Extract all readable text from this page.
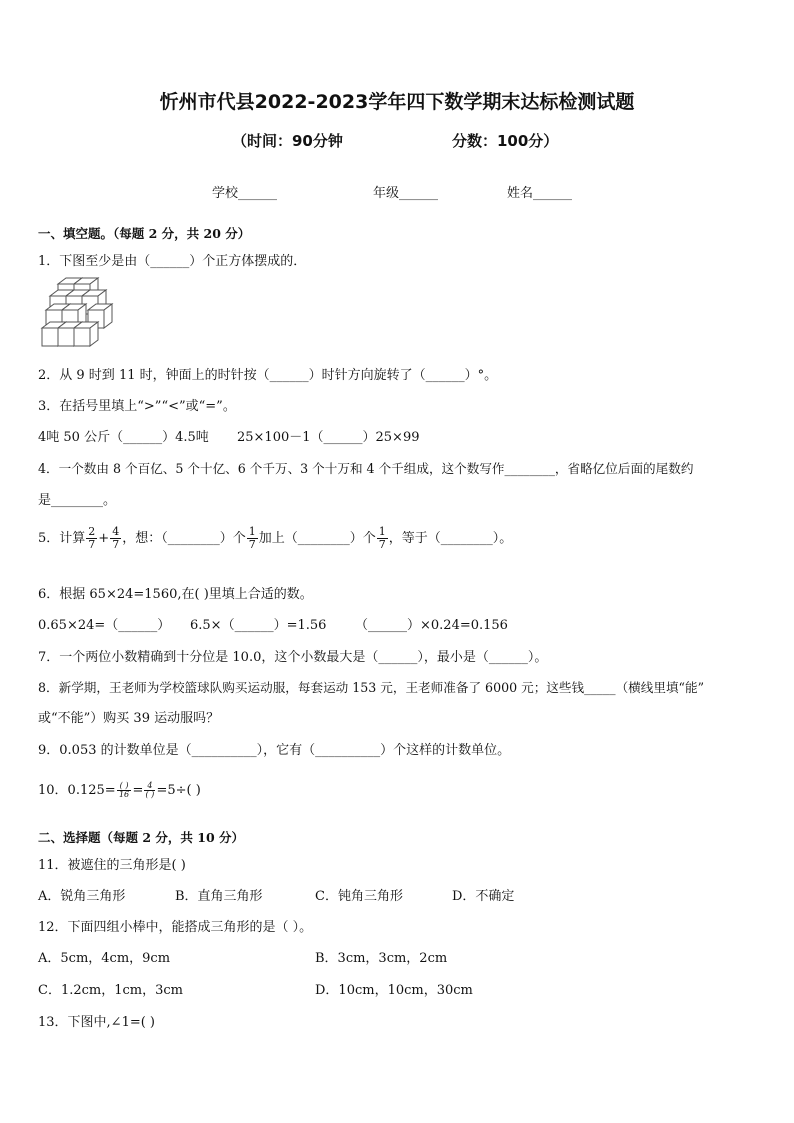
忻州市代县2022-2023学年四下数学期末达标检测试题
（时间：90分钟	分数：100分）
学校______	年级______	姓名______
一、填空题。（每题 2 分，共 20 分）
1．下图至少是由（______）个正方体摆成的．
2．从 9 时到 11 时，钟面上的时针按（______）时针方向旋转了（______）°。
3．在括号里填上“>”“<”或“=”。
4吨 50 公斤（______）4.5吨 25×100－1（______）25×99
4．一个数由 8 个百亿、5 个十亿、6 个千万、3 个十万和 4 个千组成，这个数写作________，省略亿位后面的尾数约
是________。
5．计算 $\frac{2}{7} + \frac{4}{7}$ ，想：（________）个 $\frac{1}{7}$ 加上（________）个 $\frac{1}{7}$ ，等于（________）。
6．根据 65×24=1560,在( )里填上合适的数。
0.65×24=（______） 6.5×（______）=1.56 （______）×0.24=0.156
7．一个两位小数精确到十分位是 10.0，这个小数最大是（______），最小是（______）。
8．新学期，王老师为学校篮球队购买运动服，每套运动 153 元，王老师准备了 6000 元；这些钱_____（横线里填“能”
或“不能”）购买 39 运动服吗？
9．0.053 的计数单位是（__________），它有（__________）个这样的计数单位。
10．$0.125= \frac{( )}{16} = \frac{4}{( )} =5\div$( )
二、选择题（每题 2 分，共 10 分）
11．被遮住的三角形是( )
A．锐角三角形	B．直角三角形	C．钝角三角形	D．不确定
12．下面四组小棒中，能搭成三角形的是（ ）。
A．5cm，4cm，9cm	B．3cm，3cm，2cm
C．1.2cm，1cm，3cm	D．10cm，10cm，30cm
13．下图中,∠1=( )
